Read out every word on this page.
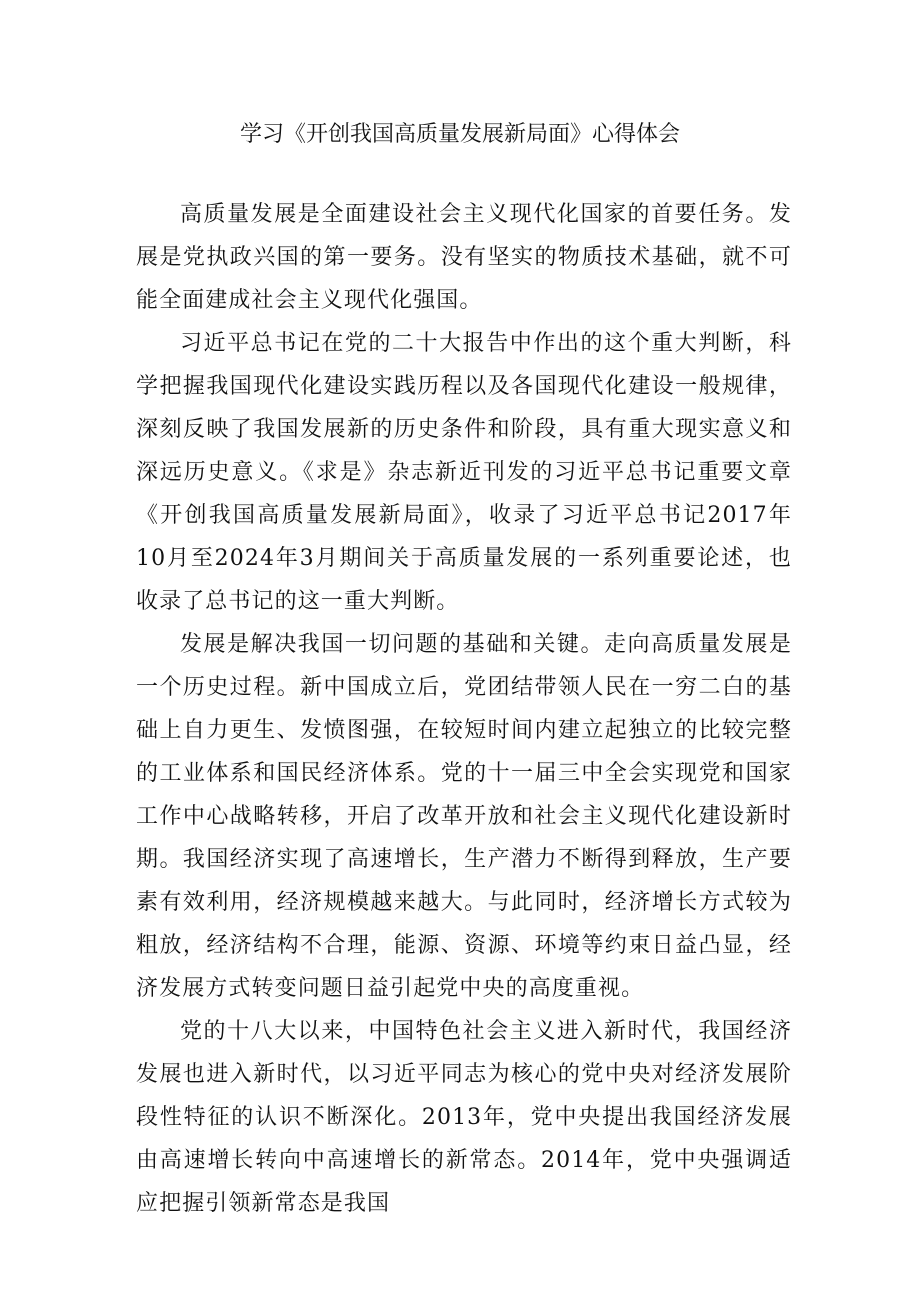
学习《开创我国高质量发展新局面》心得体会

高质量发展是全面建设社会主义现代化国家的首要任务。发展是党执政兴国的第一要务。没有坚实的物质技术基础，就不可能全面建成社会主义现代化强国。

习近平总书记在党的二十大报告中作出的这个重大判断，科学把握我国现代化建设实践历程以及各国现代化建设一般规律，深刻反映了我国发展新的历史条件和阶段，具有重大现实意义和深远历史意义。《求是》杂志新近刊发的习近平总书记重要文章《开创我国高质量发展新局面》，收录了习近平总书记2017年10月至2024年3月期间关于高质量发展的一系列重要论述，也收录了总书记的这一重大判断。

发展是解决我国一切问题的基础和关键。走向高质量发展是一个历史过程。新中国成立后，党团结带领人民在一穷二白的基础上自力更生、发愤图强，在较短时间内建立起独立的比较完整的工业体系和国民经济体系。党的十一届三中全会实现党和国家工作中心战略转移，开启了改革开放和社会主义现代化建设新时期。我国经济实现了高速增长，生产潜力不断得到释放，生产要素有效利用，经济规模越来越大。与此同时，经济增长方式较为粗放，经济结构不合理，能源、资源、环境等约束日益凸显，经济发展方式转变问题日益引起党中央的高度重视。

党的十八大以来，中国特色社会主义进入新时代，我国经济发展也进入新时代，以习近平同志为核心的党中央对经济发展阶段性特征的认识不断深化。2013年，党中央提出我国经济发展由高速增长转向中高速增长的新常态。2014年，党中央强调适应把握引领新常态是我国
